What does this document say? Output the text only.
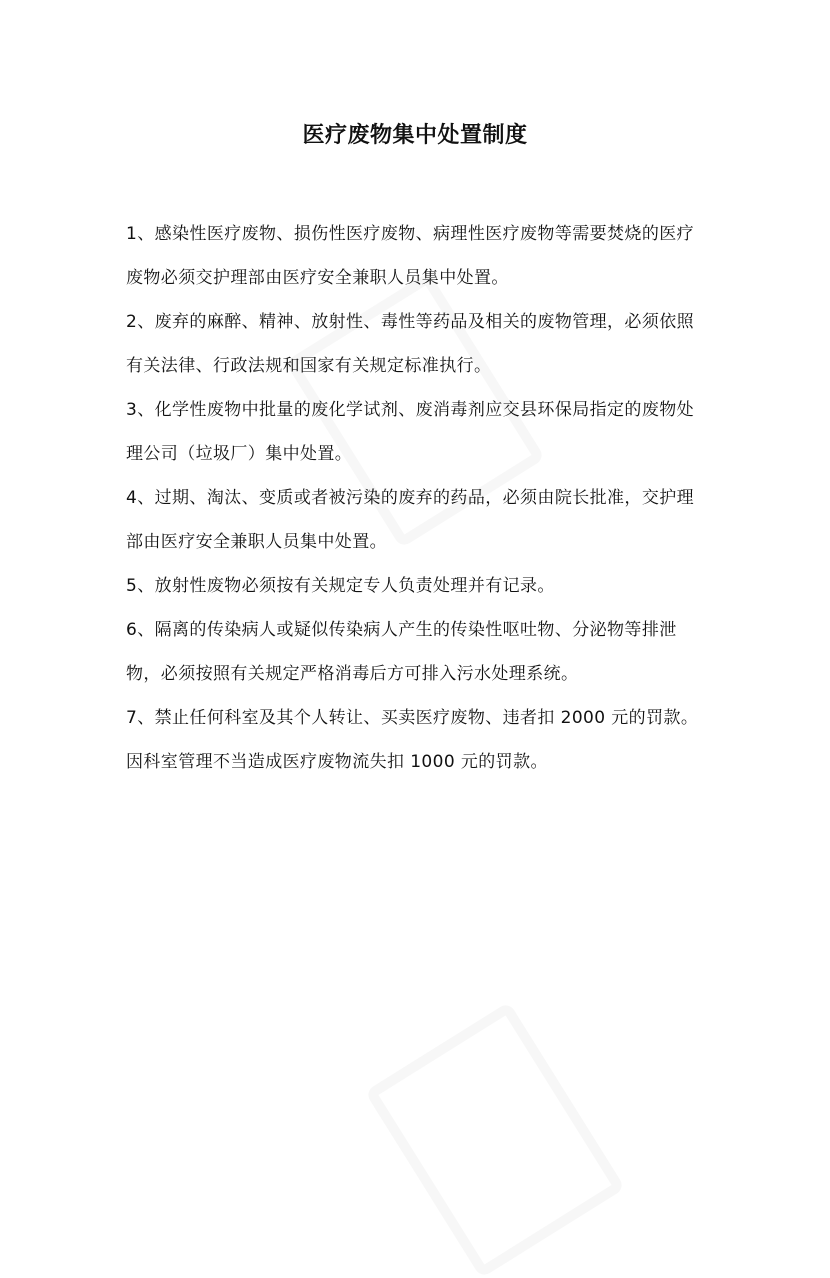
医疗废物集中处置制度

1、感染性医疗废物、损伤性医疗废物、病理性医疗废物等需要焚烧的医疗废物必须交护理部由医疗安全兼职人员集中处置。

2、废弃的麻醉、精神、放射性、毒性等药品及相关的废物管理，必须依照有关法律、行政法规和国家有关规定标准执行。

3、化学性废物中批量的废化学试剂、废消毒剂应交县环保局指定的废物处理公司（垃圾厂）集中处置。

4、过期、淘汰、变质或者被污染的废弃的药品，必须由院长批准，交护理部由医疗安全兼职人员集中处置。

5、放射性废物必须按有关规定专人负责处理并有记录。

6、隔离的传染病人或疑似传染病人产生的传染性呕吐物、分泌物等排泄物，必须按照有关规定严格消毒后方可排入污水处理系统。

7、禁止任何科室及其个人转让、买卖医疗废物、违者扣 2000 元的罚款。因科室管理不当造成医疗废物流失扣 1000 元的罚款。
